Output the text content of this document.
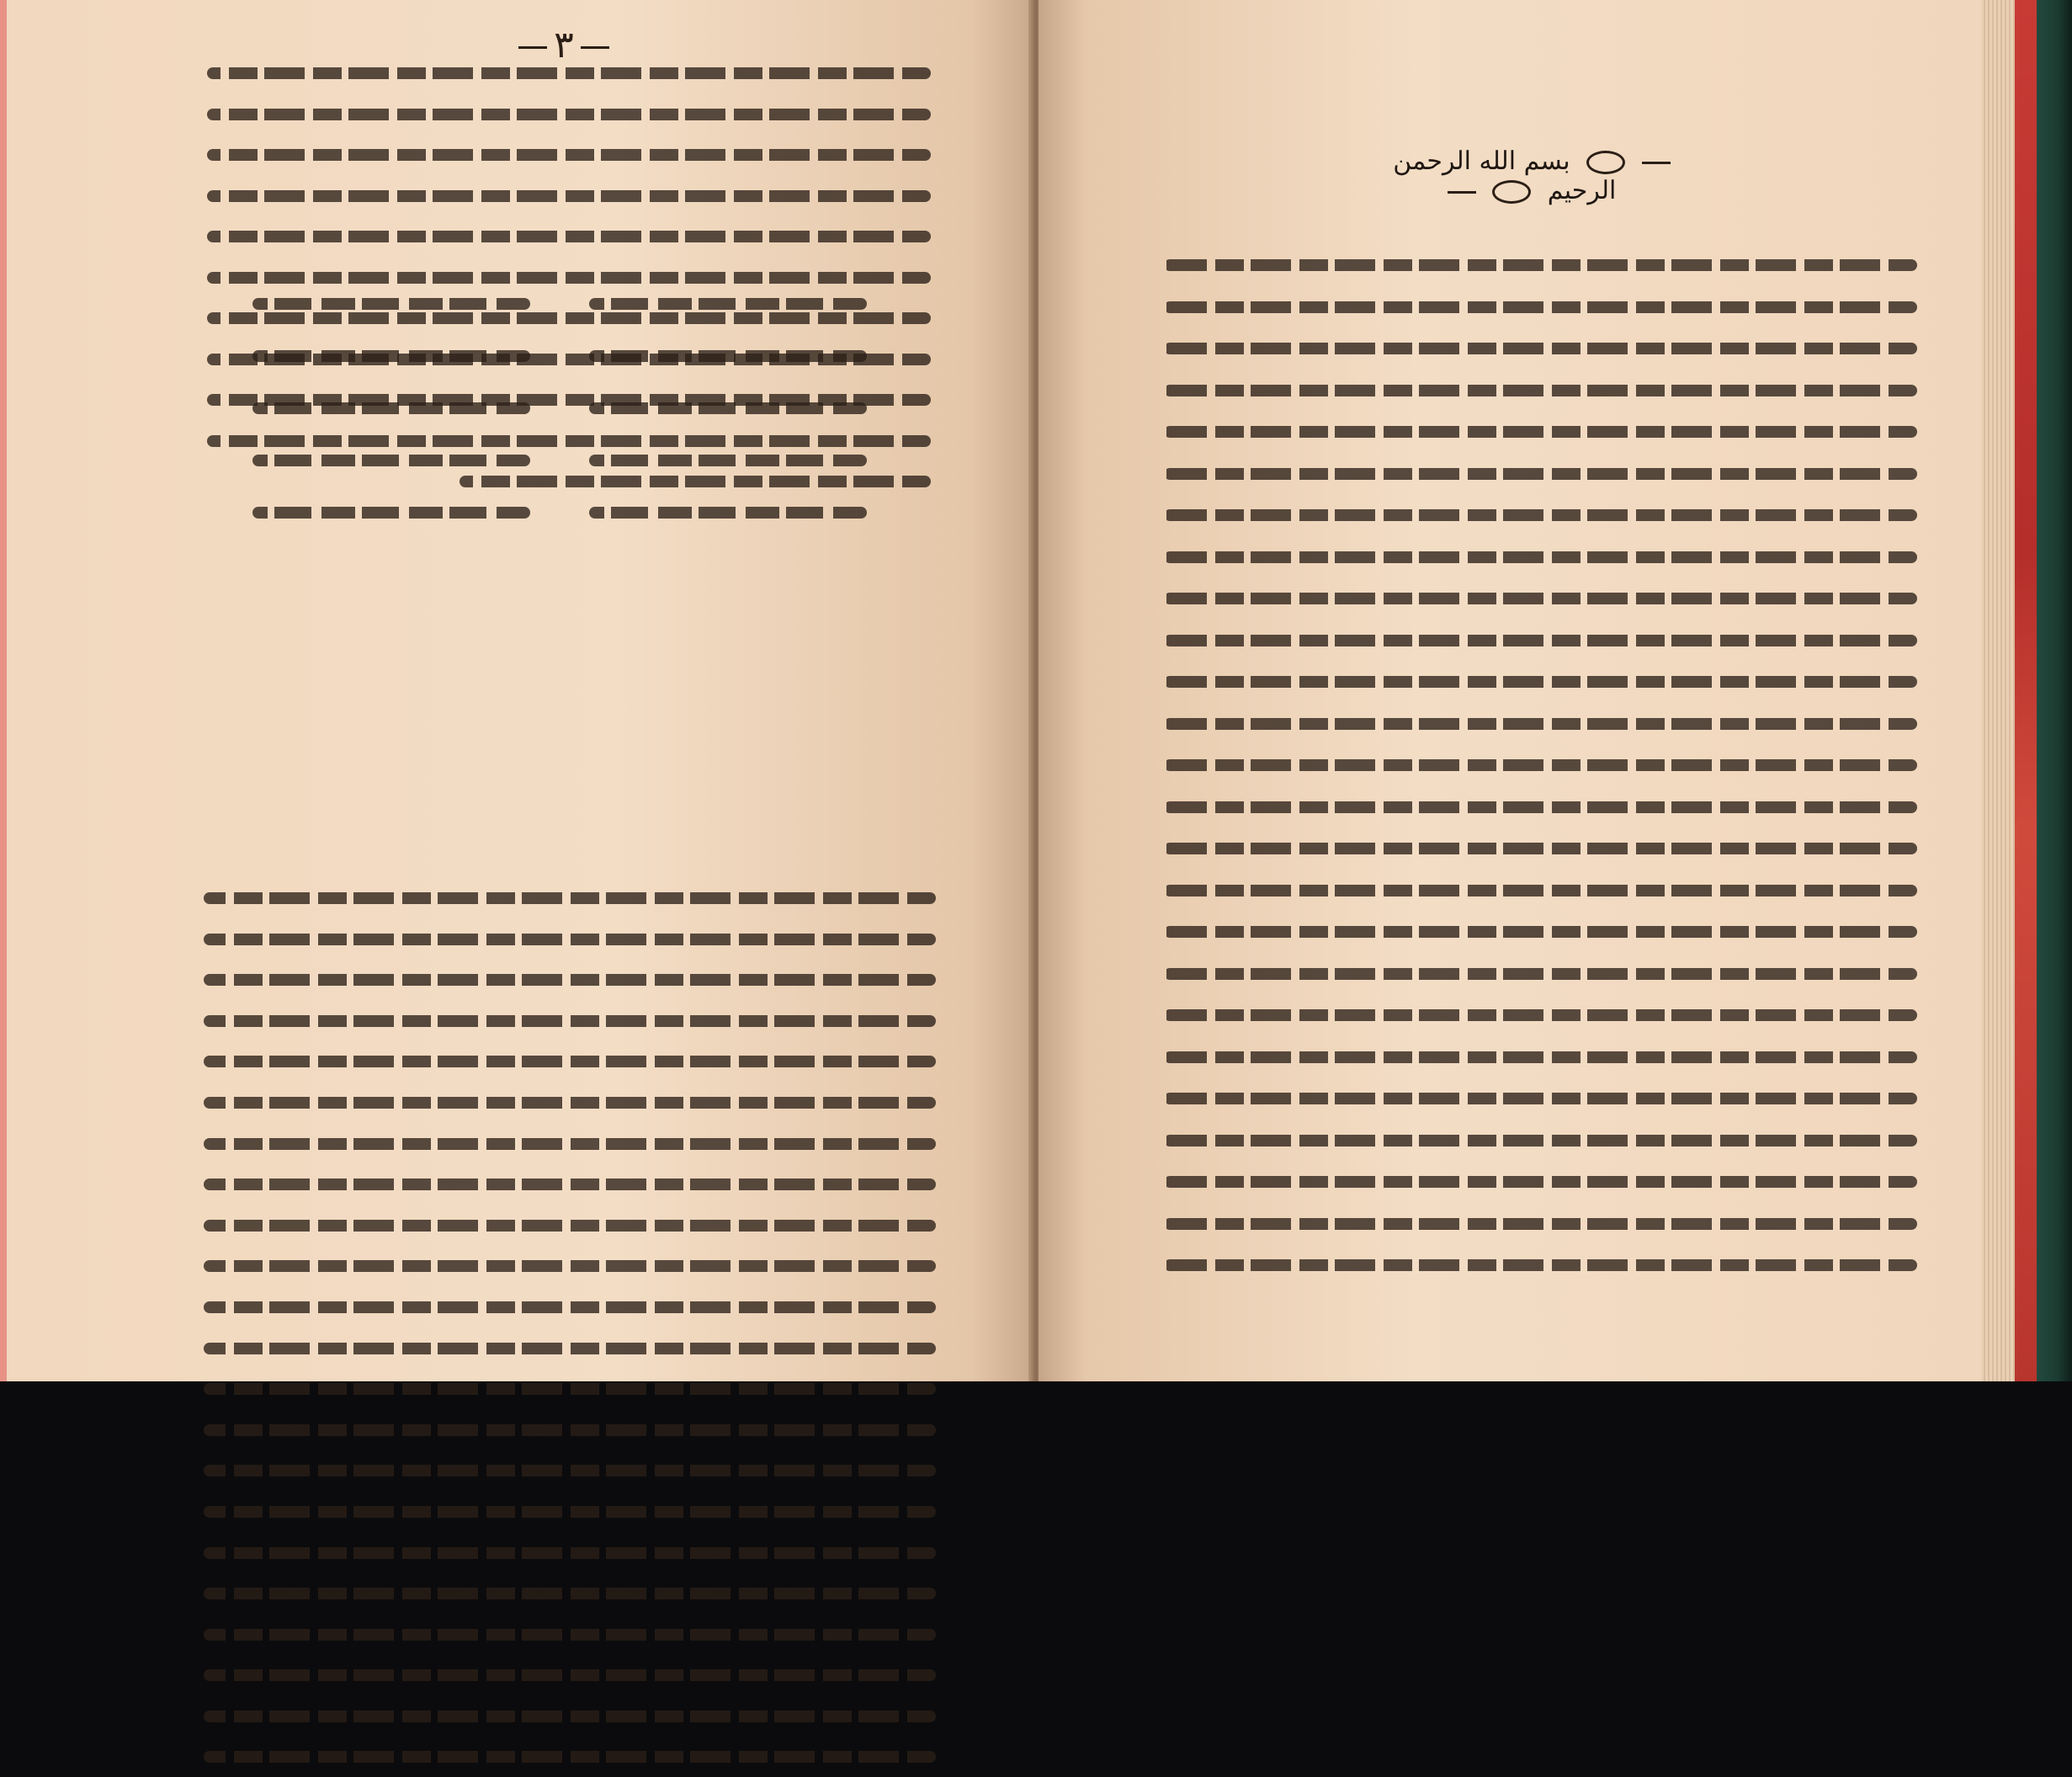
٣
بسم الله الرحمن الرحيم
